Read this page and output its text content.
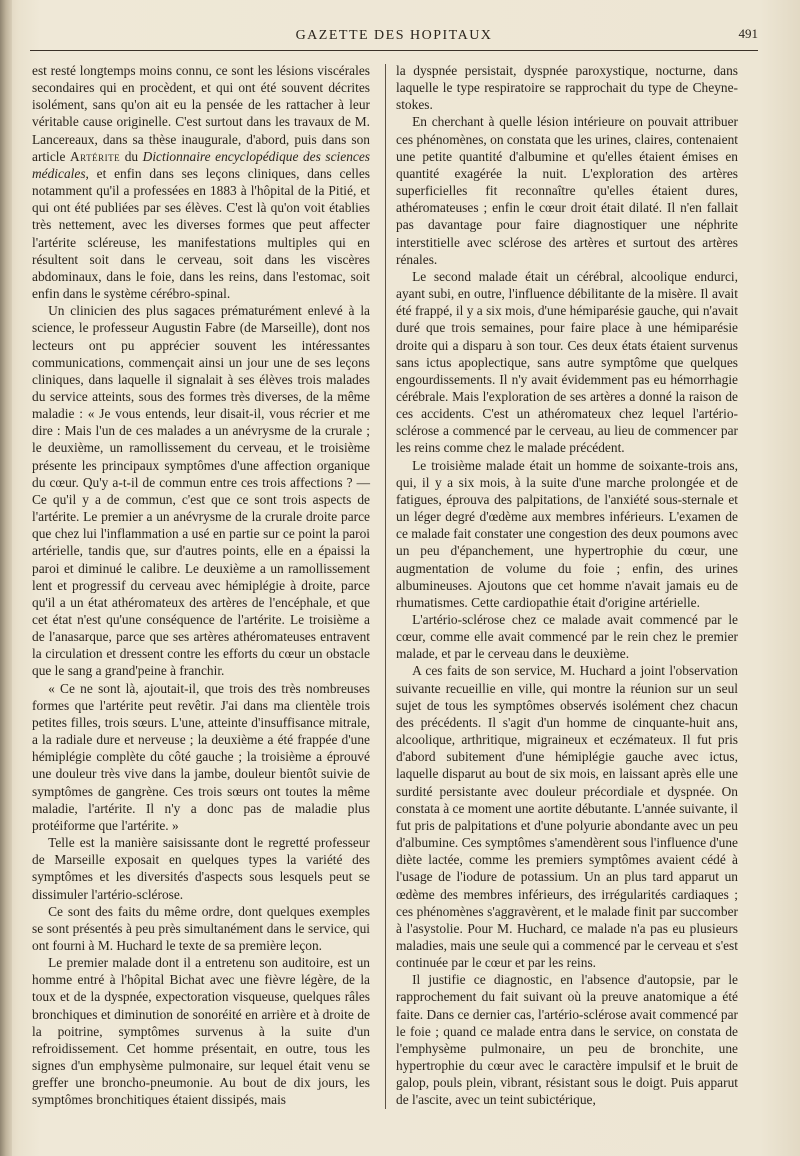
GAZETTE DES HOPITAUX	491

est resté longtemps moins connu, ce sont les lésions viscérales secondaires qui en procèdent, et qui ont été souvent décrites isolément, sans qu'on ait eu la pensée de les rattacher à leur véritable cause originelle. C'est surtout dans les travaux de M. Lancereaux, dans sa thèse inaugurale, d'abord, puis dans son article Artérite du Dictionnaire encyclopédique des sciences médicales, et enfin dans ses leçons cliniques, dans celles notamment qu'il a professées en 1883 à l'hôpital de la Pitié, et qui ont été publiées par ses élèves. C'est là qu'on voit établies très nettement, avec les diverses formes que peut affecter l'artérite scléreuse, les manifestations multiples qui en résultent soit dans le cerveau, soit dans les viscères abdominaux, dans le foie, dans les reins, dans l'estomac, soit enfin dans le système cérébro-spinal.

Un clinicien des plus sagaces prématurément enlevé à la science, le professeur Augustin Fabre (de Marseille), dont nos lecteurs ont pu apprécier souvent les intéressantes communications, commençait ainsi un jour une de ses leçons cliniques, dans laquelle il signalait à ses élèves trois malades du service atteints, sous des formes très diverses, de la même maladie : « Je vous entends, leur disait-il, vous récrier et me dire : Mais l'un de ces malades a un anévrysme de la crurale ; le deuxième, un ramollissement du cerveau, et le troisième présente les principaux symptômes d'une affection organique du cœur. Qu'y a-t-il de commun entre ces trois affections ? — Ce qu'il y a de commun, c'est que ce sont trois aspects de l'artérite. Le premier a un anévrysme de la crurale droite parce que chez lui l'inflammation a usé en partie sur ce point la paroi artérielle, tandis que, sur d'autres points, elle en a épaissi la paroi et diminué le calibre. Le deuxième a un ramollissement lent et progressif du cerveau avec hémiplégie à droite, parce qu'il a un état athéromateux des artères de l'encéphale, et que cet état n'est qu'une conséquence de l'artérite. Le troisième a de l'anasarque, parce que ses artères athéromateuses entravent la circulation et dressent contre les efforts du cœur un obstacle que le sang a grand'peine à franchir.

« Ce ne sont là, ajoutait-il, que trois des très nombreuses formes que l'artérite peut revêtir. J'ai dans ma clientèle trois petites filles, trois sœurs. L'une, atteinte d'insuffisance mitrale, a la radiale dure et nerveuse ; la deuxième a été frappée d'une hémiplégie complète du côté gauche ; la troisième a éprouvé une douleur très vive dans la jambe, douleur bientôt suivie de symptômes de gangrène. Ces trois sœurs ont toutes la même maladie, l'artérite. Il n'y a donc pas de maladie plus protéiforme que l'artérite. »

Telle est la manière saisissante dont le regretté professeur de Marseille exposait en quelques types la variété des symptômes et les diversités d'aspects sous lesquels peut se dissimuler l'artério-sclérose.

Ce sont des faits du même ordre, dont quelques exemples se sont présentés à peu près simultanément dans le service, qui ont fourni à M. Huchard le texte de sa première leçon.

Le premier malade dont il a entretenu son auditoire, est un homme entré à l'hôpital Bichat avec une fièvre légère, de la toux et de la dyspnée, expectoration visqueuse, quelques râles bronchiques et diminution de sonoréité en arrière et à droite de la poitrine, symptômes survenus à la suite d'un refroidissement. Cet homme présentait, en outre, tous les signes d'un emphysème pulmonaire, sur lequel était venu se greffer une broncho-pneumonie. Au bout de dix jours, les symptômes bronchitiques étaient dissipés, mais

la dyspnée persistait, dyspnée paroxystique, nocturne, dans laquelle le type respiratoire se rapprochait du type de Cheyne-stokes.

En cherchant à quelle lésion intérieure on pouvait attribuer ces phénomènes, on constata que les urines, claires, contenaient une petite quantité d'albumine et qu'elles étaient émises en quantité exagérée la nuit. L'exploration des artères superficielles fit reconnaître qu'elles étaient dures, athéromateuses ; enfin le cœur droit était dilaté. Il n'en fallait pas davantage pour faire diagnostiquer une néphrite interstitielle avec sclérose des artères et surtout des artères rénales.

Le second malade était un cérébral, alcoolique endurci, ayant subi, en outre, l'influence débilitante de la misère. Il avait été frappé, il y a six mois, d'une hémiparésie gauche, qui n'avait duré que trois semaines, pour faire place à une hémiparésie droite qui a disparu à son tour. Ces deux états étaient survenus sans ictus apoplectique, sans autre symptôme que quelques engourdissements. Il n'y avait évidemment pas eu hémorrhagie cérébrale. Mais l'exploration de ses artères a donné la raison de ces accidents. C'est un athéromateux chez lequel l'artério-sclérose a commencé par le cerveau, au lieu de commencer par les reins comme chez le malade précédent.

Le troisième malade était un homme de soixante-trois ans, qui, il y a six mois, à la suite d'une marche prolongée et de fatigues, éprouva des palpitations, de l'anxiété sous-sternale et un léger degré d'œdème aux membres inférieurs. L'examen de ce malade fait constater une congestion des deux poumons avec un peu d'épanchement, une hypertrophie du cœur, une augmentation de volume du foie ; enfin, des urines albumineuses. Ajoutons que cet homme n'avait jamais eu de rhumatismes. Cette cardiopathie était d'origine artérielle.

L'artério-sclérose chez ce malade avait commencé par le cœur, comme elle avait commencé par le rein chez le premier malade, et par le cerveau dans le deuxième.

A ces faits de son service, M. Huchard a joint l'observation suivante recueillie en ville, qui montre la réunion sur un seul sujet de tous les symptômes observés isolément chez chacun des précédents. Il s'agit d'un homme de cinquante-huit ans, alcoolique, arthritique, migraineux et eczémateux. Il fut pris d'abord subitement d'une hémiplégie gauche avec ictus, laquelle disparut au bout de six mois, en laissant après elle une surdité persistante avec douleur précordiale et dyspnée. On constata à ce moment une aortite débutante. L'année suivante, il fut pris de palpitations et d'une polyurie abondante avec un peu d'albumine. Ces symptômes s'amendèrent sous l'influence d'une diète lactée, comme les premiers symptômes avaient cédé à l'usage de l'iodure de potassium. Un an plus tard apparut un œdème des membres inférieurs, des irrégularités cardiaques ; ces phénomènes s'aggravèrent, et le malade finit par succomber à l'asystolie. Pour M. Huchard, ce malade n'a pas eu plusieurs maladies, mais une seule qui a commencé par le cerveau et s'est continuée par le cœur et par les reins.

Il justifie ce diagnostic, en l'absence d'autopsie, par le rapprochement du fait suivant où la preuve anatomique a été faite. Dans ce dernier cas, l'artério-sclérose avait commencé par le foie ; quand ce malade entra dans le service, on constata de l'emphysème pulmonaire, un peu de bronchite, une hypertrophie du cœur avec le caractère impulsif et le bruit de galop, pouls plein, vibrant, résistant sous le doigt. Puis apparut de l'ascite, avec un teint subictérique,
